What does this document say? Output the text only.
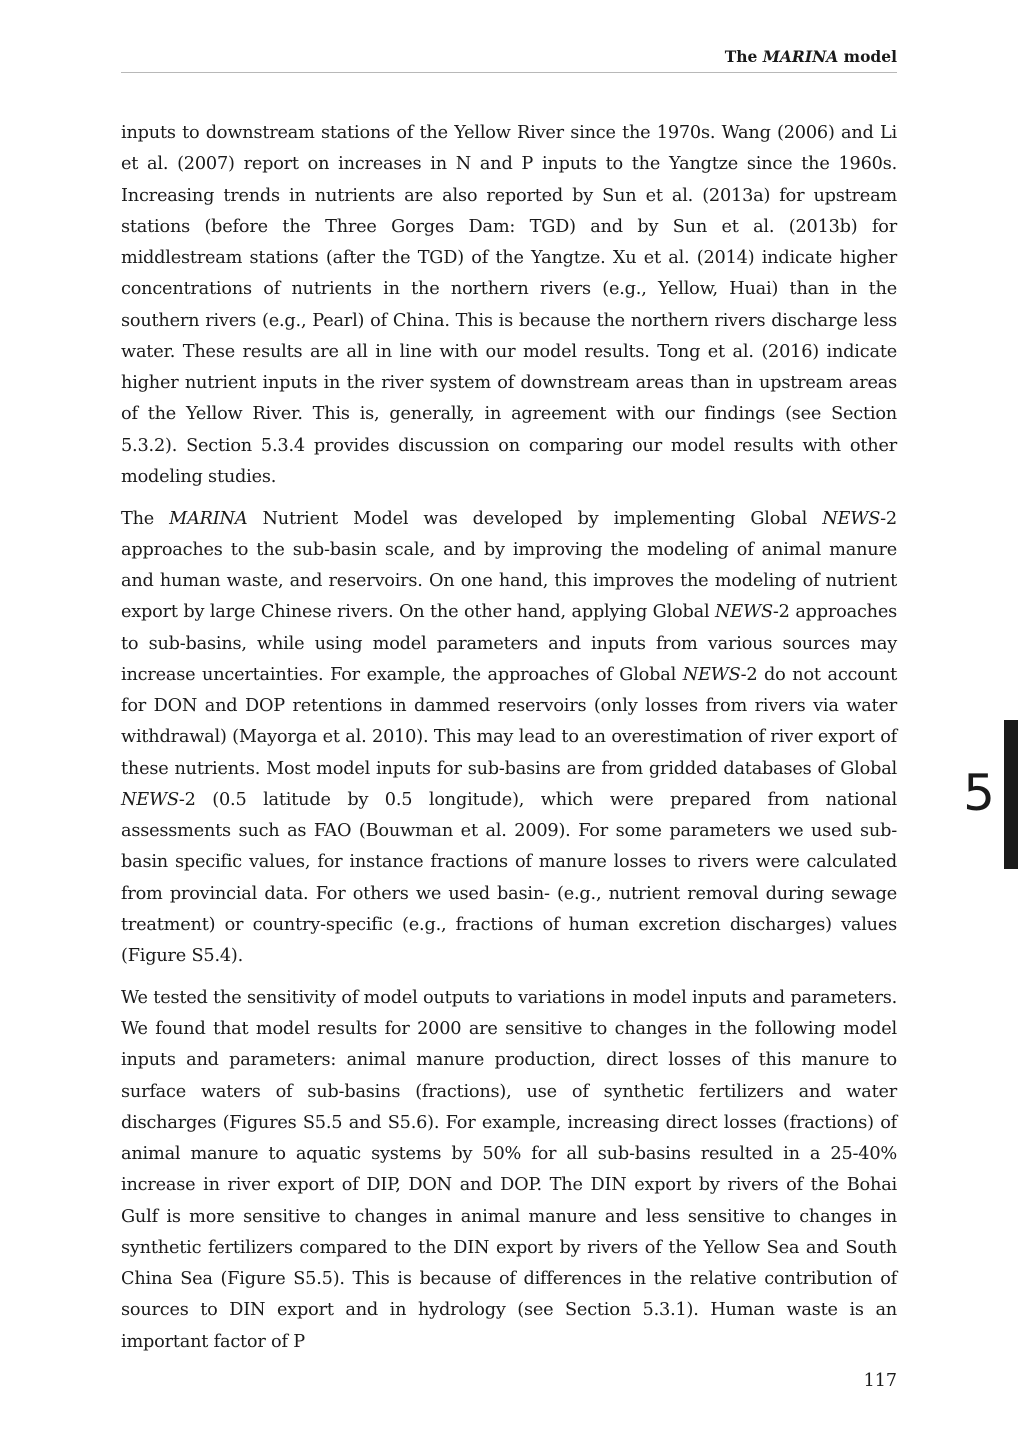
The MARINA model

inputs to downstream stations of the Yellow River since the 1970s. Wang (2006) and Li et al. (2007) report on increases in N and P inputs to the Yangtze since the 1960s. Increasing trends in nutrients are also reported by Sun et al. (2013a) for upstream stations (before the Three Gorges Dam: TGD) and by Sun et al. (2013b) for middlestream stations (after the TGD) of the Yangtze. Xu et al. (2014) indicate higher concentrations of nutrients in the northern rivers (e.g., Yellow, Huai) than in the southern rivers (e.g., Pearl) of China. This is because the northern rivers discharge less water. These results are all in line with our model results. Tong et al. (2016) indicate higher nutrient inputs in the river system of downstream areas than in upstream areas of the Yellow River. This is, generally, in agreement with our findings (see Section 5.3.2). Section 5.3.4 provides discussion on comparing our model results with other modeling studies.

The MARINA Nutrient Model was developed by implementing Global NEWS-2 approaches to the sub-basin scale, and by improving the modeling of animal manure and human waste, and reservoirs. On one hand, this improves the modeling of nutrient export by large Chinese rivers. On the other hand, applying Global NEWS-2 approaches to sub-basins, while using model parameters and inputs from various sources may increase uncertainties. For example, the approaches of Global NEWS-2 do not account for DON and DOP retentions in dammed reservoirs (only losses from rivers via water withdrawal) (Mayorga et al. 2010). This may lead to an overestimation of river export of these nutrients. Most model inputs for sub-basins are from gridded databases of Global NEWS-2 (0.5 latitude by 0.5 longitude), which were prepared from national assessments such as FAO (Bouwman et al. 2009). For some parameters we used sub-basin specific values, for instance fractions of manure losses to rivers were calculated from provincial data. For others we used basin- (e.g., nutrient removal during sewage treatment) or country-specific (e.g., fractions of human excretion discharges) values (Figure S5.4).

We tested the sensitivity of model outputs to variations in model inputs and parameters. We found that model results for 2000 are sensitive to changes in the following model inputs and parameters: animal manure production, direct losses of this manure to surface waters of sub-basins (fractions), use of synthetic fertilizers and water discharges (Figures S5.5 and S5.6). For example, increasing direct losses (fractions) of animal manure to aquatic systems by 50% for all sub-basins resulted in a 25-40% increase in river export of DIP, DON and DOP. The DIN export by rivers of the Bohai Gulf is more sensitive to changes in animal manure and less sensitive to changes in synthetic fertilizers compared to the DIN export by rivers of the Yellow Sea and South China Sea (Figure S5.5). This is because of differences in the relative contribution of sources to DIN export and in hydrology (see Section 5.3.1). Human waste is an important factor of P

5
117
